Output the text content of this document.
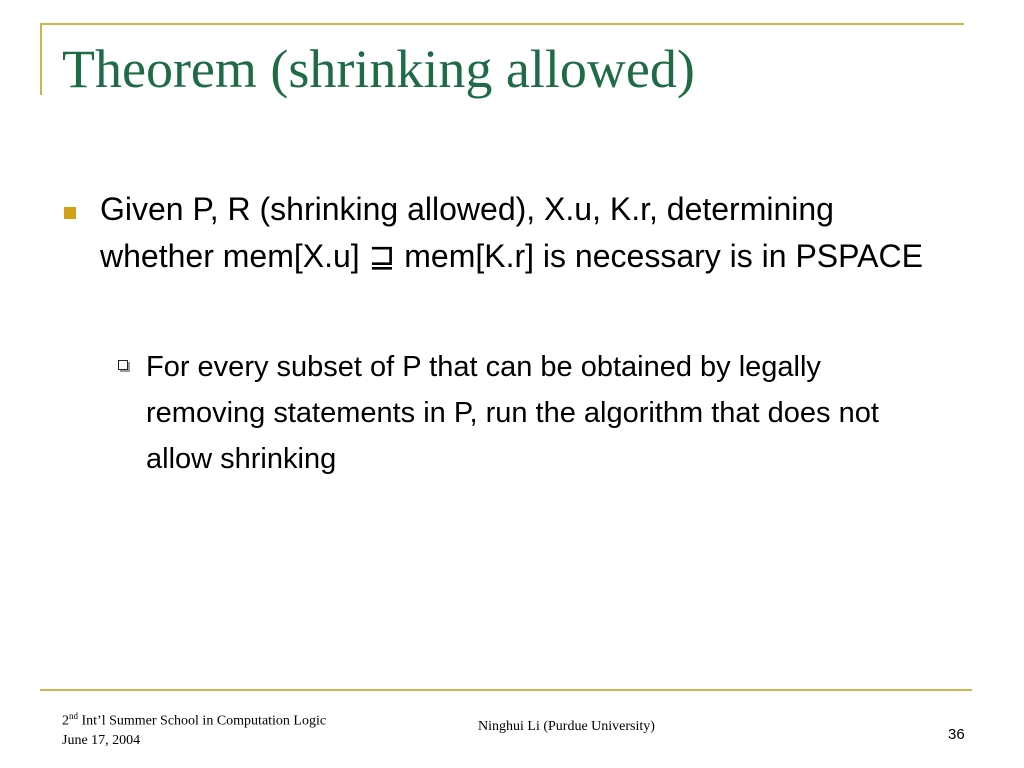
Theorem (shrinking allowed)
Given P, R (shrinking allowed), X.u, K.r, determining whether mem[X.u] ⊒ mem[K.r] is necessary is in PSPACE
For every subset of P that can be obtained by legally removing statements in P, run the algorithm that does not allow shrinking
2nd Int’l Summer School in Computation Logic
June 17, 2004
Ninghui Li (Purdue University)	36
